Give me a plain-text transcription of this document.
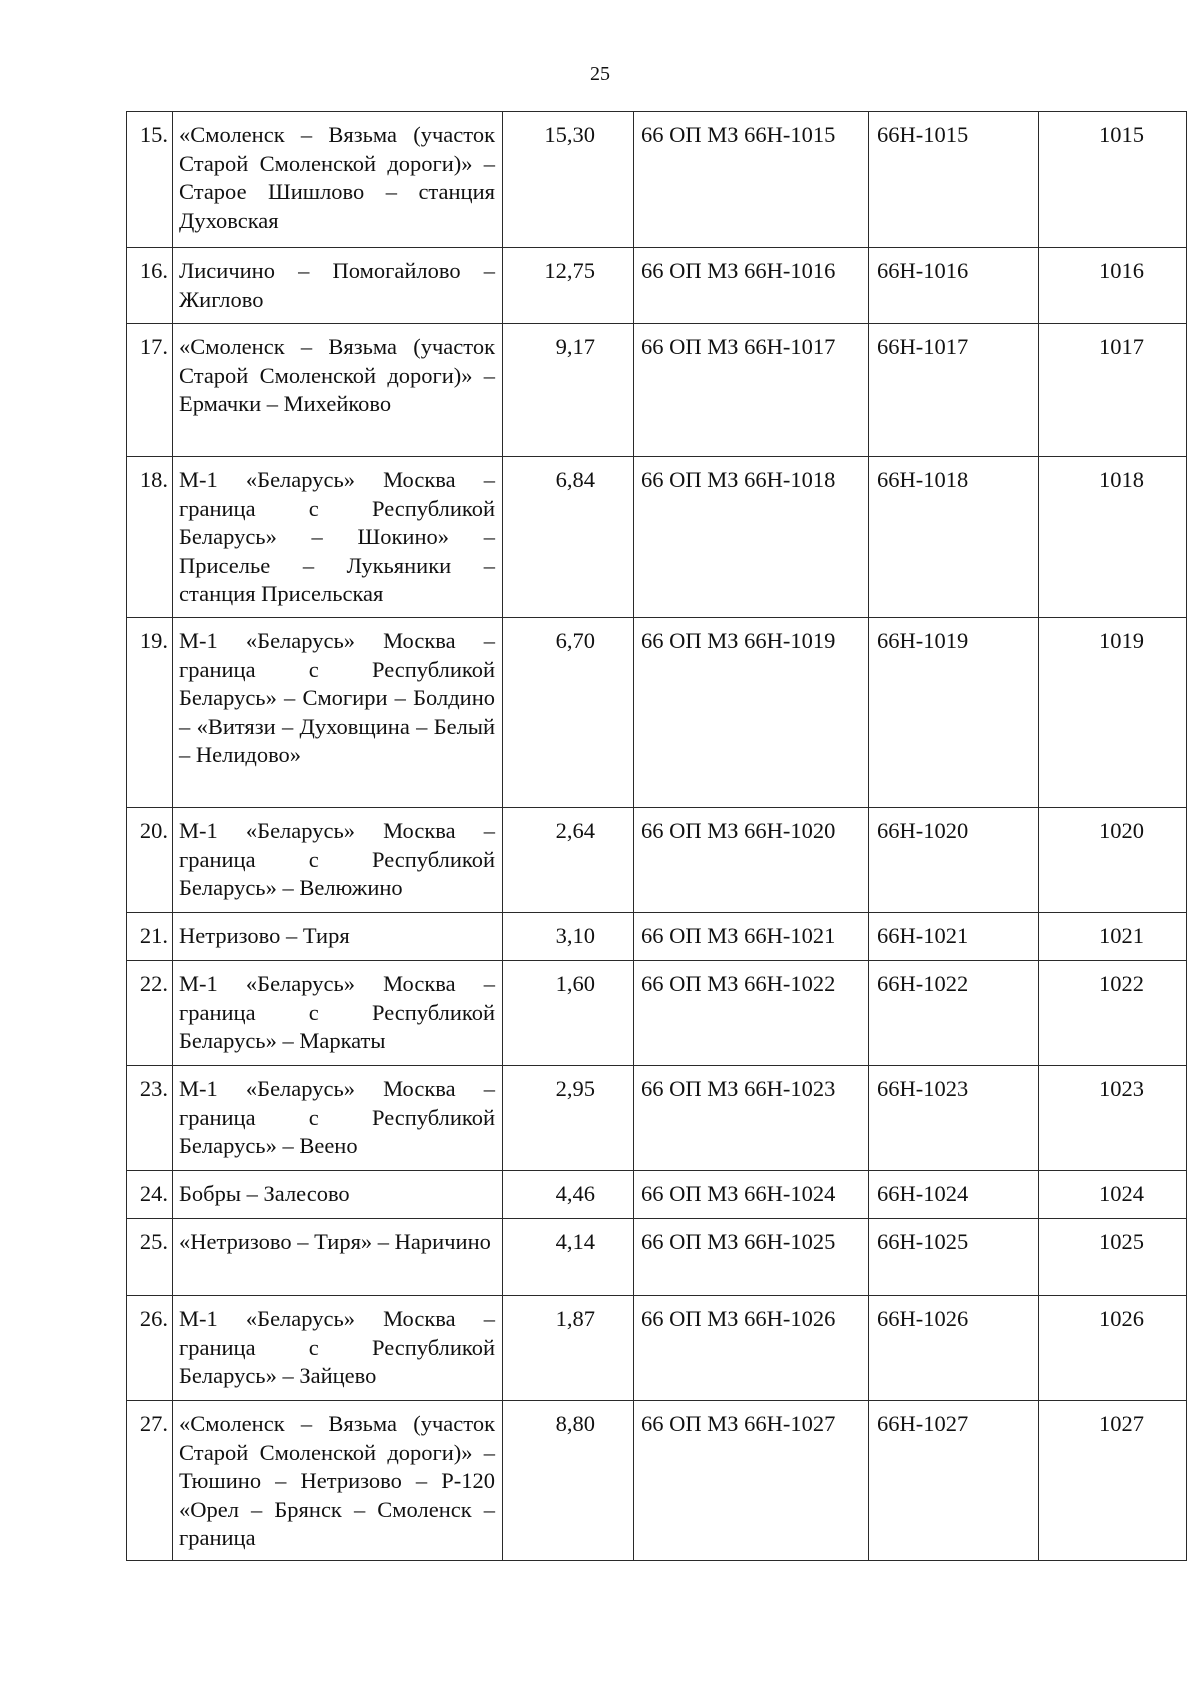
25
15.	«Смоленск – Вязьма (участок Старой Смоленской дороги)» – Старое Шишлово – станция Духовская	15,30	66 ОП МЗ 66Н-1015	66Н-1015	1015
16.	Лисичино – Помогайлово – Жиглово	12,75	66 ОП МЗ 66Н-1016	66Н-1016	1016
17.	«Смоленск – Вязьма (участок Старой Смоленской дороги)» – Ермачки – Михейково	9,17	66 ОП МЗ 66Н-1017	66Н-1017	1017
18.	М-1 «Беларусь» Москва – граница с Республикой Беларусь» – Шокино» – Приселье – Лукьяники – станция Присельская	6,84	66 ОП МЗ 66Н-1018	66Н-1018	1018
19.	М-1 «Беларусь» Москва – граница с Республикой Беларусь» – Смогири – Болдино – «Витязи – Духовщина – Белый – Нелидово»	6,70	66 ОП МЗ 66Н-1019	66Н-1019	1019
20.	М-1 «Беларусь» Москва – граница с Республикой Беларусь» – Велюжино	2,64	66 ОП МЗ 66Н-1020	66Н-1020	1020
21.	Нетризово – Тиря	3,10	66 ОП МЗ 66Н-1021	66Н-1021	1021
22.	М-1 «Беларусь» Москва – граница с Республикой Беларусь» – Маркаты	1,60	66 ОП МЗ 66Н-1022	66Н-1022	1022
23.	М-1 «Беларусь» Москва – граница с Республикой Беларусь» – Веено	2,95	66 ОП МЗ 66Н-1023	66Н-1023	1023
24.	Бобры – Залесово	4,46	66 ОП МЗ 66Н-1024	66Н-1024	1024
25.	«Нетризово – Тиря» – Наричино	4,14	66 ОП МЗ 66Н-1025	66Н-1025	1025
26.	М-1 «Беларусь» Москва – граница с Республикой Беларусь» – Зайцево	1,87	66 ОП МЗ 66Н-1026	66Н-1026	1026
27.	«Смоленск – Вязьма (участок Старой Смоленской дороги)» – Тюшино – Нетризово – Р-120 «Орел – Брянск – Смоленск – граница	8,80	66 ОП МЗ 66Н-1027	66Н-1027	1027
